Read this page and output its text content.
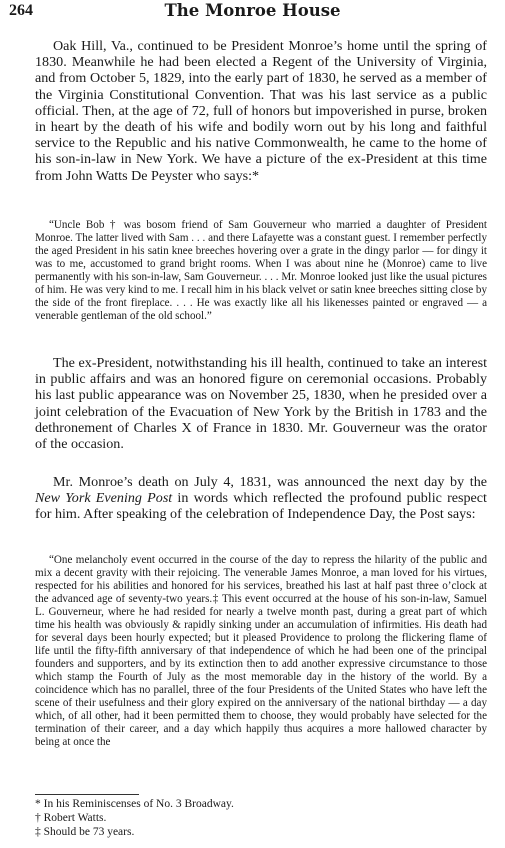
264	The Monroe House

Oak Hill, Va., continued to be President Monroe’s home until the spring of 1830. Meanwhile he had been elected a Regent of the University of Virginia, and from October 5, 1829, into the early part of 1830, he served as a member of the Virginia Constitutional Convention. That was his last service as a public official. Then, at the age of 72, full of honors but impoverished in purse, broken in heart by the death of his wife and bodily worn out by his long and faithful service to the Republic and his native Commonwealth, he came to the home of his son-in-law in New York. We have a picture of the ex-President at this time from John Watts De Peyster who says:*

“Uncle Bob † was bosom friend of Sam Gouverneur who married a daughter of President Monroe. The latter lived with Sam . . . and there Lafayette was a constant guest. I remember perfectly the aged President in his satin knee breeches hovering over a grate in the dingy parlor — for dingy it was to me, accustomed to grand bright rooms. When I was about nine he (Monroe) came to live permanently with his son-in-law, Sam Gouverneur. . . . Mr. Monroe looked just like the usual pictures of him. He was very kind to me. I recall him in his black velvet or satin knee breeches sitting close by the side of the front fireplace. . . . He was exactly like all his likenesses painted or engraved — a venerable gentleman of the old school.”

The ex-President, notwithstanding his ill health, continued to take an interest in public affairs and was an honored figure on ceremonial occasions. Probably his last public appearance was on November 25, 1830, when he presided over a joint celebration of the Evacuation of New York by the British in 1783 and the dethronement of Charles X of France in 1830. Mr. Gouverneur was the orator of the occasion.

Mr. Monroe’s death on July 4, 1831, was announced the next day by the New York Evening Post in words which reflected the profound public respect for him. After speaking of the celebration of Independence Day, the Post says:

“One melancholy event occurred in the course of the day to repress the hilarity of the public and mix a decent gravity with their rejoicing. The venerable James Monroe, a man loved for his virtues, respected for his abilities and honored for his services, breathed his last at half past three o’clock at the advanced age of seventy-two years.‡ This event occurred at the house of his son-in-law, Samuel L. Gouverneur, where he had resided for nearly a twelve month past, during a great part of which time his health was obviously & rapidly sinking under an accumulation of infirmities. His death had for several days been hourly expected; but it pleased Providence to prolong the flickering flame of life until the fifty-fifth anniversary of that independence of which he had been one of the principal founders and supporters, and by its extinction then to add another expressive circumstance to those which stamp the Fourth of July as the most memorable day in the history of the world. By a coincidence which has no parallel, three of the four Presidents of the United States who have left the scene of their usefulness and their glory expired on the anniversary of the national birthday — a day which, of all other, had it been permitted them to choose, they would probably have selected for the termination of their career, and a day which happily thus acquires a more hallowed character by being at once the

* In his Reminiscenses of No. 3 Broadway.
† Robert Watts.
‡ Should be 73 years.
